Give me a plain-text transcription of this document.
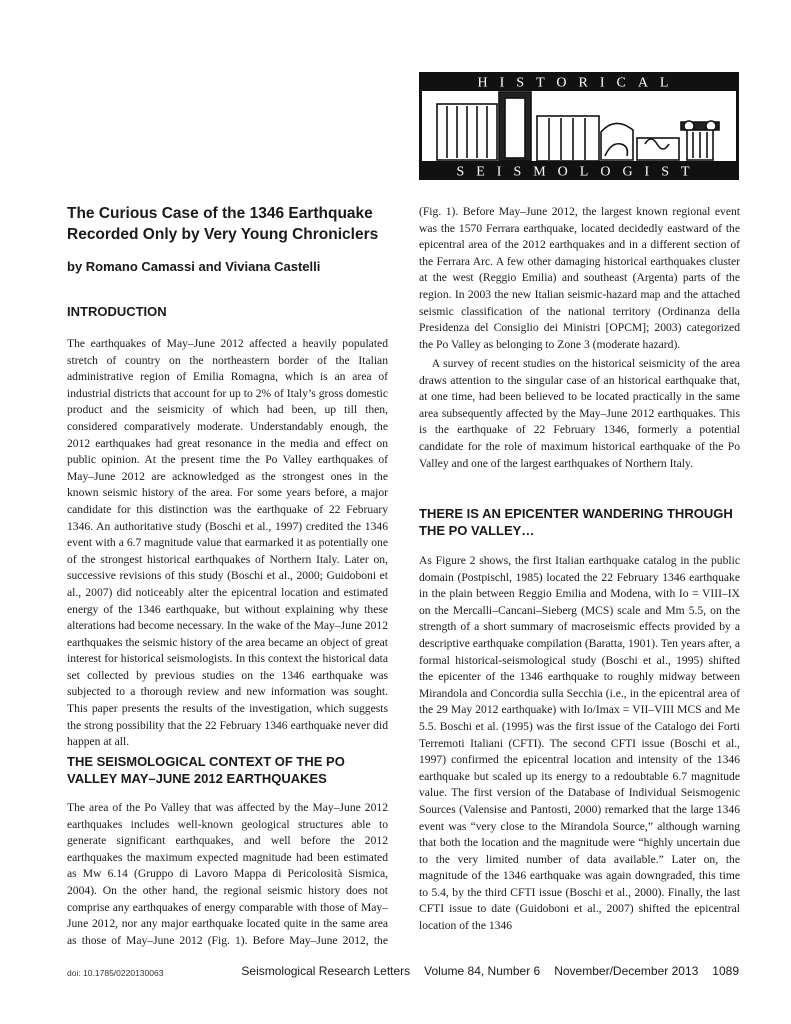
HISTORICAL
SEISMOLOGIST
The Curious Case of the 1346 Earthquake Recorded Only by Very Young Chroniclers

by Romano Camassi and Viviana Castelli

INTRODUCTION

The earthquakes of May–June 2012 affected a heavily populated stretch of country on the northeastern border of the Italian administrative region of Emilia Romagna, which is an area of industrial districts that account for up to 2% of Italy’s gross domestic product and the seismicity of which had been, up till then, considered comparatively moderate. Understandably enough, the 2012 earthquakes had great resonance in the media and effect on public opinion. At the present time the Po Valley earthquakes of May–June 2012 are acknowledged as the strongest ones in the known seismic history of the area. For some years before, a major candidate for this distinction was the earthquake of 22 February 1346. An authoritative study (Boschi et al., 1997) credited the 1346 event with a 6.7 magnitude value that earmarked it as potentially one of the strongest historical earthquakes of Northern Italy. Later on, successive revisions of this study (Boschi et al., 2000; Guidoboni et al., 2007) did noticeably alter the epicentral location and estimated energy of the 1346 earthquake, but without explaining why these alterations had become necessary. In the wake of the May–June 2012 earthquakes the seismic history of the area became an object of great interest for historical seismologists. In this context the historical data set collected by previous studies on the 1346 earthquake was subjected to a thorough review and new information was sought. This paper presents the results of the investigation, which suggests the strong possibility that the 22 February 1346 earthquake never did happen at all.

THE SEISMOLOGICAL CONTEXT OF THE PO VALLEY MAY–JUNE 2012 EARTHQUAKES

The area of the Po Valley that was affected by the May–June 2012 earthquakes includes well-known geological structures able to generate significant earthquakes, and well before the 2012 earthquakes the maximum expected magnitude had been estimated as Mw 6.14 (Gruppo di Lavoro Mappa di Pericolosità Sismica, 2004). On the other hand, the regional seismic history does not comprise any earthquakes of energy comparable with those of May–June 2012, nor any major earthquake located quite in the same area as those of May–June 2012 (Fig. 1). Before May–June 2012, the

(Fig. 1). Before May–June 2012, the largest known regional event was the 1570 Ferrara earthquake, located decidedly eastward of the epicentral area of the 2012 earthquakes and in a different section of the Ferrara Arc. A few other damaging historical earthquakes cluster at the west (Reggio Emilia) and southeast (Argenta) parts of the region. In 2003 the new Italian seismic-hazard map and the attached seismic classification of the national territory (Ordinanza della Presidenza del Consiglio dei Ministri [OPCM]; 2003) categorized the Po Valley as belonging to Zone 3 (moderate hazard).

A survey of recent studies on the historical seismicity of the area draws attention to the singular case of an historical earthquake that, at one time, had been believed to be located practically in the same area subsequently affected by the May–June 2012 earthquakes. This is the earthquake of 22 February 1346, formerly a potential candidate for the role of maximum historical earthquake of the Po Valley and one of the largest earthquakes of Northern Italy.

THERE IS AN EPICENTER WANDERING THROUGH THE PO VALLEY…

As Figure 2 shows, the first Italian earthquake catalog in the public domain (Postpischl, 1985) located the 22 February 1346 earthquake in the plain between Reggio Emilia and Modena, with Io = VIII–IX on the Mercalli–Cancani–Sieberg (MCS) scale and Mm 5.5, on the strength of a short summary of macroseismic effects provided by a descriptive earthquake compilation (Baratta, 1901). Ten years after, a formal historical-seismological study (Boschi et al., 1995) shifted the epicenter of the 1346 earthquake to roughly midway between Mirandola and Concordia sulla Secchia (i.e., in the epicentral area of the 29 May 2012 earthquake) with Io/Imax = VII–VIII MCS and Me 5.5. Boschi et al. (1995) was the first issue of the Catalogo dei Forti Terremoti Italiani (CFTI). The second CFTI issue (Boschi et al., 1997) confirmed the epicentral location and intensity of the 1346 earthquake but scaled up its energy to a redoubtable 6.7 magnitude value. The first version of the Database of Individual Seismogenic Sources (Valensise and Pantosti, 2000) remarked that the large 1346 event was “very close to the Mirandola Source,” although warning that both the location and the magnitude were “highly uncertain due to the very limited number of data available.” Later on, the magnitude of the 1346 earthquake was again downgraded, this time to 5.4, by the third CFTI issue (Boschi et al., 2000). Finally, the last CFTI issue to date (Guidoboni et al., 2007) shifted the epicentral location of the 1346

doi: 10.1785/0220130063	Seismological Research Letters Volume 84, Number 6 November/December 2013 1089
